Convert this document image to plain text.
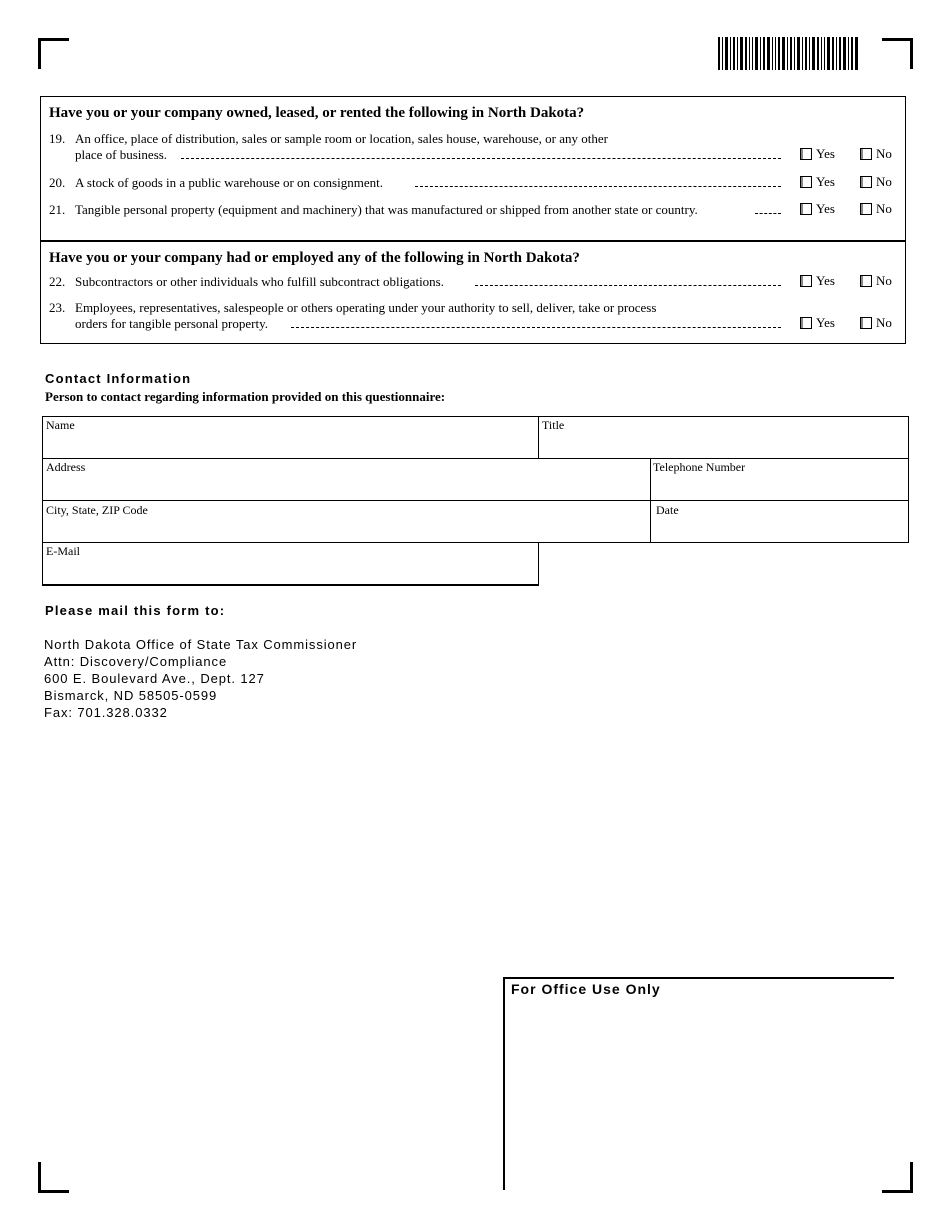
Have you or your company owned, leased, or rented the following in North Dakota?
19. An office, place of distribution, sales or sample room or location, sales house, warehouse, or any other
place of business.	Yes	No
20. A stock of goods in a public warehouse or on consignment.	Yes	No
21. Tangible personal property (equipment and machinery) that was manufactured or shipped from another state or country.	Yes	No
Have you or your company had or employed any of the following in North Dakota?
22. Subcontractors or other individuals who fulfill subcontract obligations.	Yes	No
23. Employees, representatives, salespeople or others operating under your authority to sell, deliver, take or process
orders for tangible personal property.	Yes	No
Contact Information
Person to contact regarding information provided on this questionnaire:
Name	Title
Address	Telephone Number
City, State, ZIP Code	Date
E-Mail
Please mail this form to:
North Dakota Office of State Tax Commissioner
Attn: Discovery/Compliance
600 E. Boulevard Ave., Dept. 127
Bismarck, ND 58505-0599
Fax: 701.328.0332
For Office Use Only
